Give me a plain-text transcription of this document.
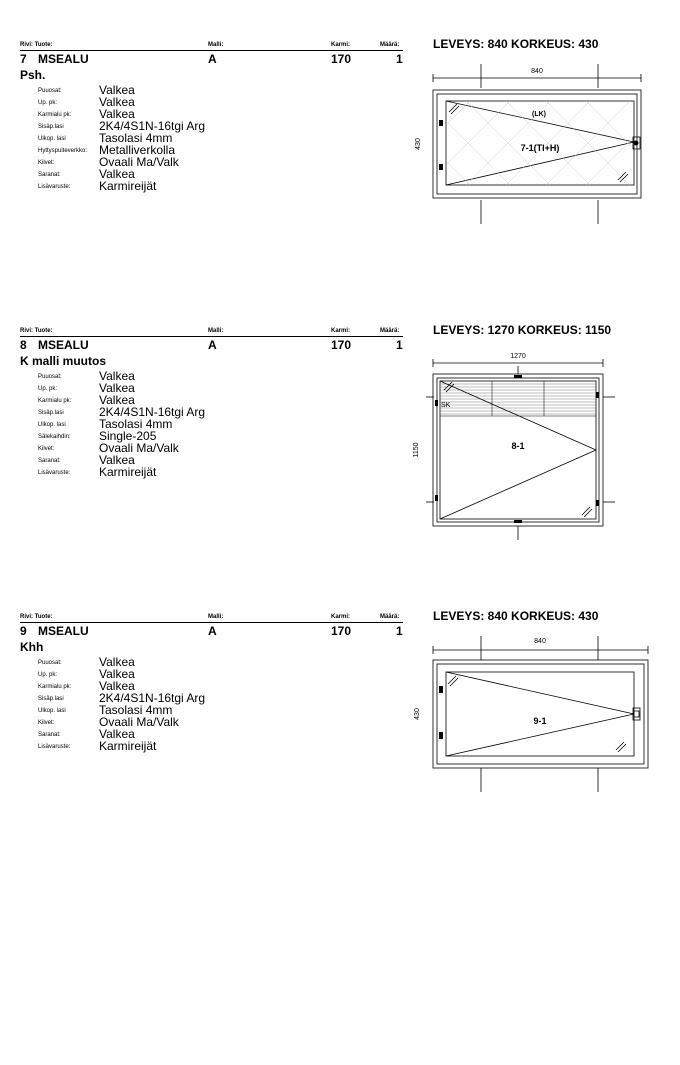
Rivi: Tuote:	Malli:	Karmi:	Määrä:
7 MSEALU	A	170	1
Psh.
Puuosat:	Valkea
Up. pk:	Valkea
Karmialu pk: Valkea
Sisäp.lasi	2K4/4S1N-16tgi Arg
Ulkop. lasi	Tasolasi 4mm
Hyttyspuiteverkko: Metalliverkolla
Kilvet:	Ovaali Ma/Valk
Saranat:	Valkea
Lisävaruste: Karmireijät
LEVEYS: 840 KORKEUS: 430
840
430
(LK)
7-1(TI+H)
Rivi: Tuote:	Malli:	Karmi:	Määrä:
8 MSEALU	A	170	1
K malli muutos
Puuosat:	Valkea
Up. pk:	Valkea
Karmialu pk: Valkea
Sisäp.lasi	2K4/4S1N-16tgi Arg
Ulkop. lasi	Tasolasi 4mm
Sälekaihdin: Single-205
Kilvet:	Ovaali Ma/Valk
Saranat:	Valkea
Lisävaruste: Karmireijät
LEVEYS: 1270 KORKEUS: 1150
1270
1150
SK
8-1
Rivi: Tuote:	Malli:	Karmi:	Määrä:
9 MSEALU	A	170	1
Khh
Puuosat:	Valkea
Up. pk:	Valkea
Karmialu pk: Valkea
Sisäp.lasi	2K4/4S1N-16tgi Arg
Ulkop. lasi	Tasolasi 4mm
Kilvet:	Ovaali Ma/Valk
Saranat:	Valkea
Lisävaruste: Karmireijät
LEVEYS: 840 KORKEUS: 430
840
430
9-1
